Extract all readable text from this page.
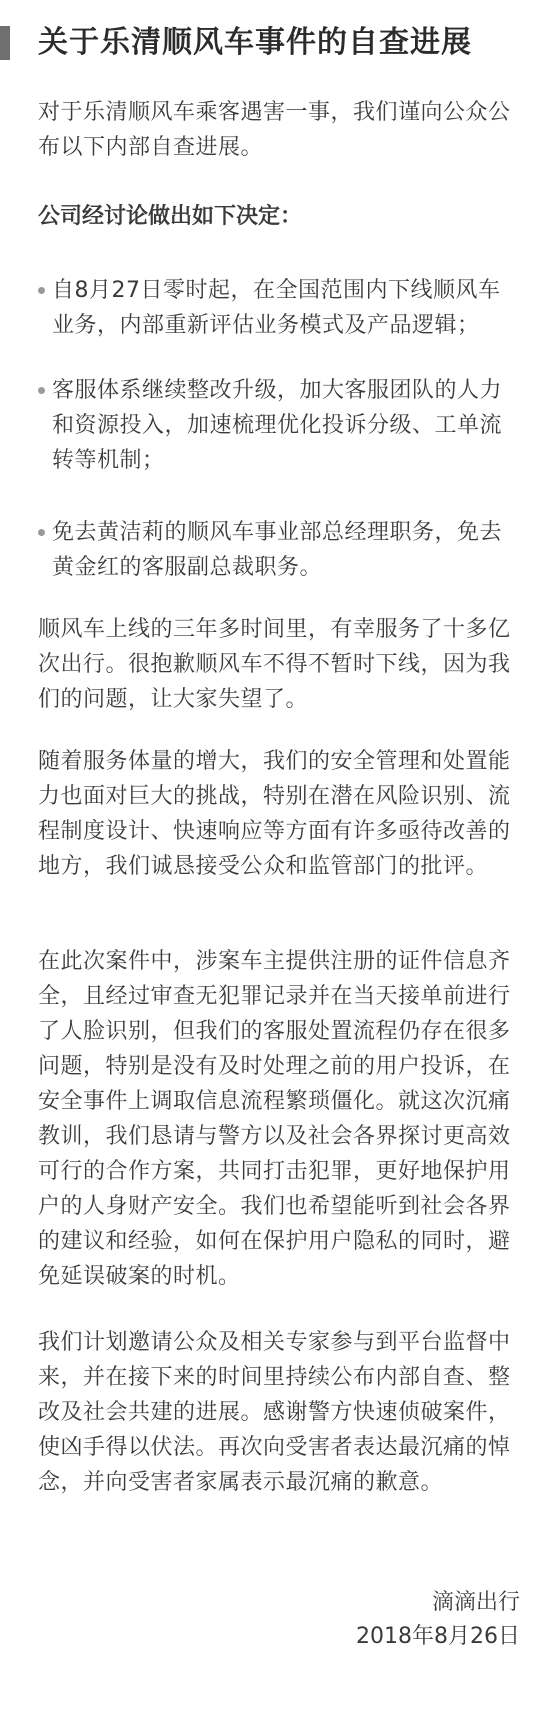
关于乐清顺风车事件的自查进展

对于乐清顺风车乘客遇害一事，我们谨向公众公布以下内部自查进展。

公司经讨论做出如下决定：
自8月27日零时起，在全国范围内下线顺风车业务，内部重新评估业务模式及产品逻辑；
客服体系继续整改升级，加大客服团队的人力和资源投入，加速梳理优化投诉分级、工单流转等机制；
免去黄洁莉的顺风车事业部总经理职务，免去黄金红的客服副总裁职务。

顺风车上线的三年多时间里，有幸服务了十多亿次出行。很抱歉顺风车不得不暂时下线，因为我们的问题，让大家失望了。

随着服务体量的增大，我们的安全管理和处置能力也面对巨大的挑战，特别在潜在风险识别、流程制度设计、快速响应等方面有许多亟待改善的地方，我们诚恳接受公众和监管部门的批评。

在此次案件中，涉案车主提供注册的证件信息齐全，且经过审查无犯罪记录并在当天接单前进行了人脸识别，但我们的客服处置流程仍存在很多问题，特别是没有及时处理之前的用户投诉，在安全事件上调取信息流程繁琐僵化。就这次沉痛教训，我们恳请与警方以及社会各界探讨更高效可行的合作方案，共同打击犯罪，更好地保护用户的人身财产安全。我们也希望能听到社会各界的建议和经验，如何在保护用户隐私的同时，避免延误破案的时机。

我们计划邀请公众及相关专家参与到平台监督中来，并在接下来的时间里持续公布内部自查、整改及社会共建的进展。感谢警方快速侦破案件，使凶手得以伏法。再次向受害者表达最沉痛的悼念，并向受害者家属表示最沉痛的歉意。

滴滴出行
2018年8月26日
